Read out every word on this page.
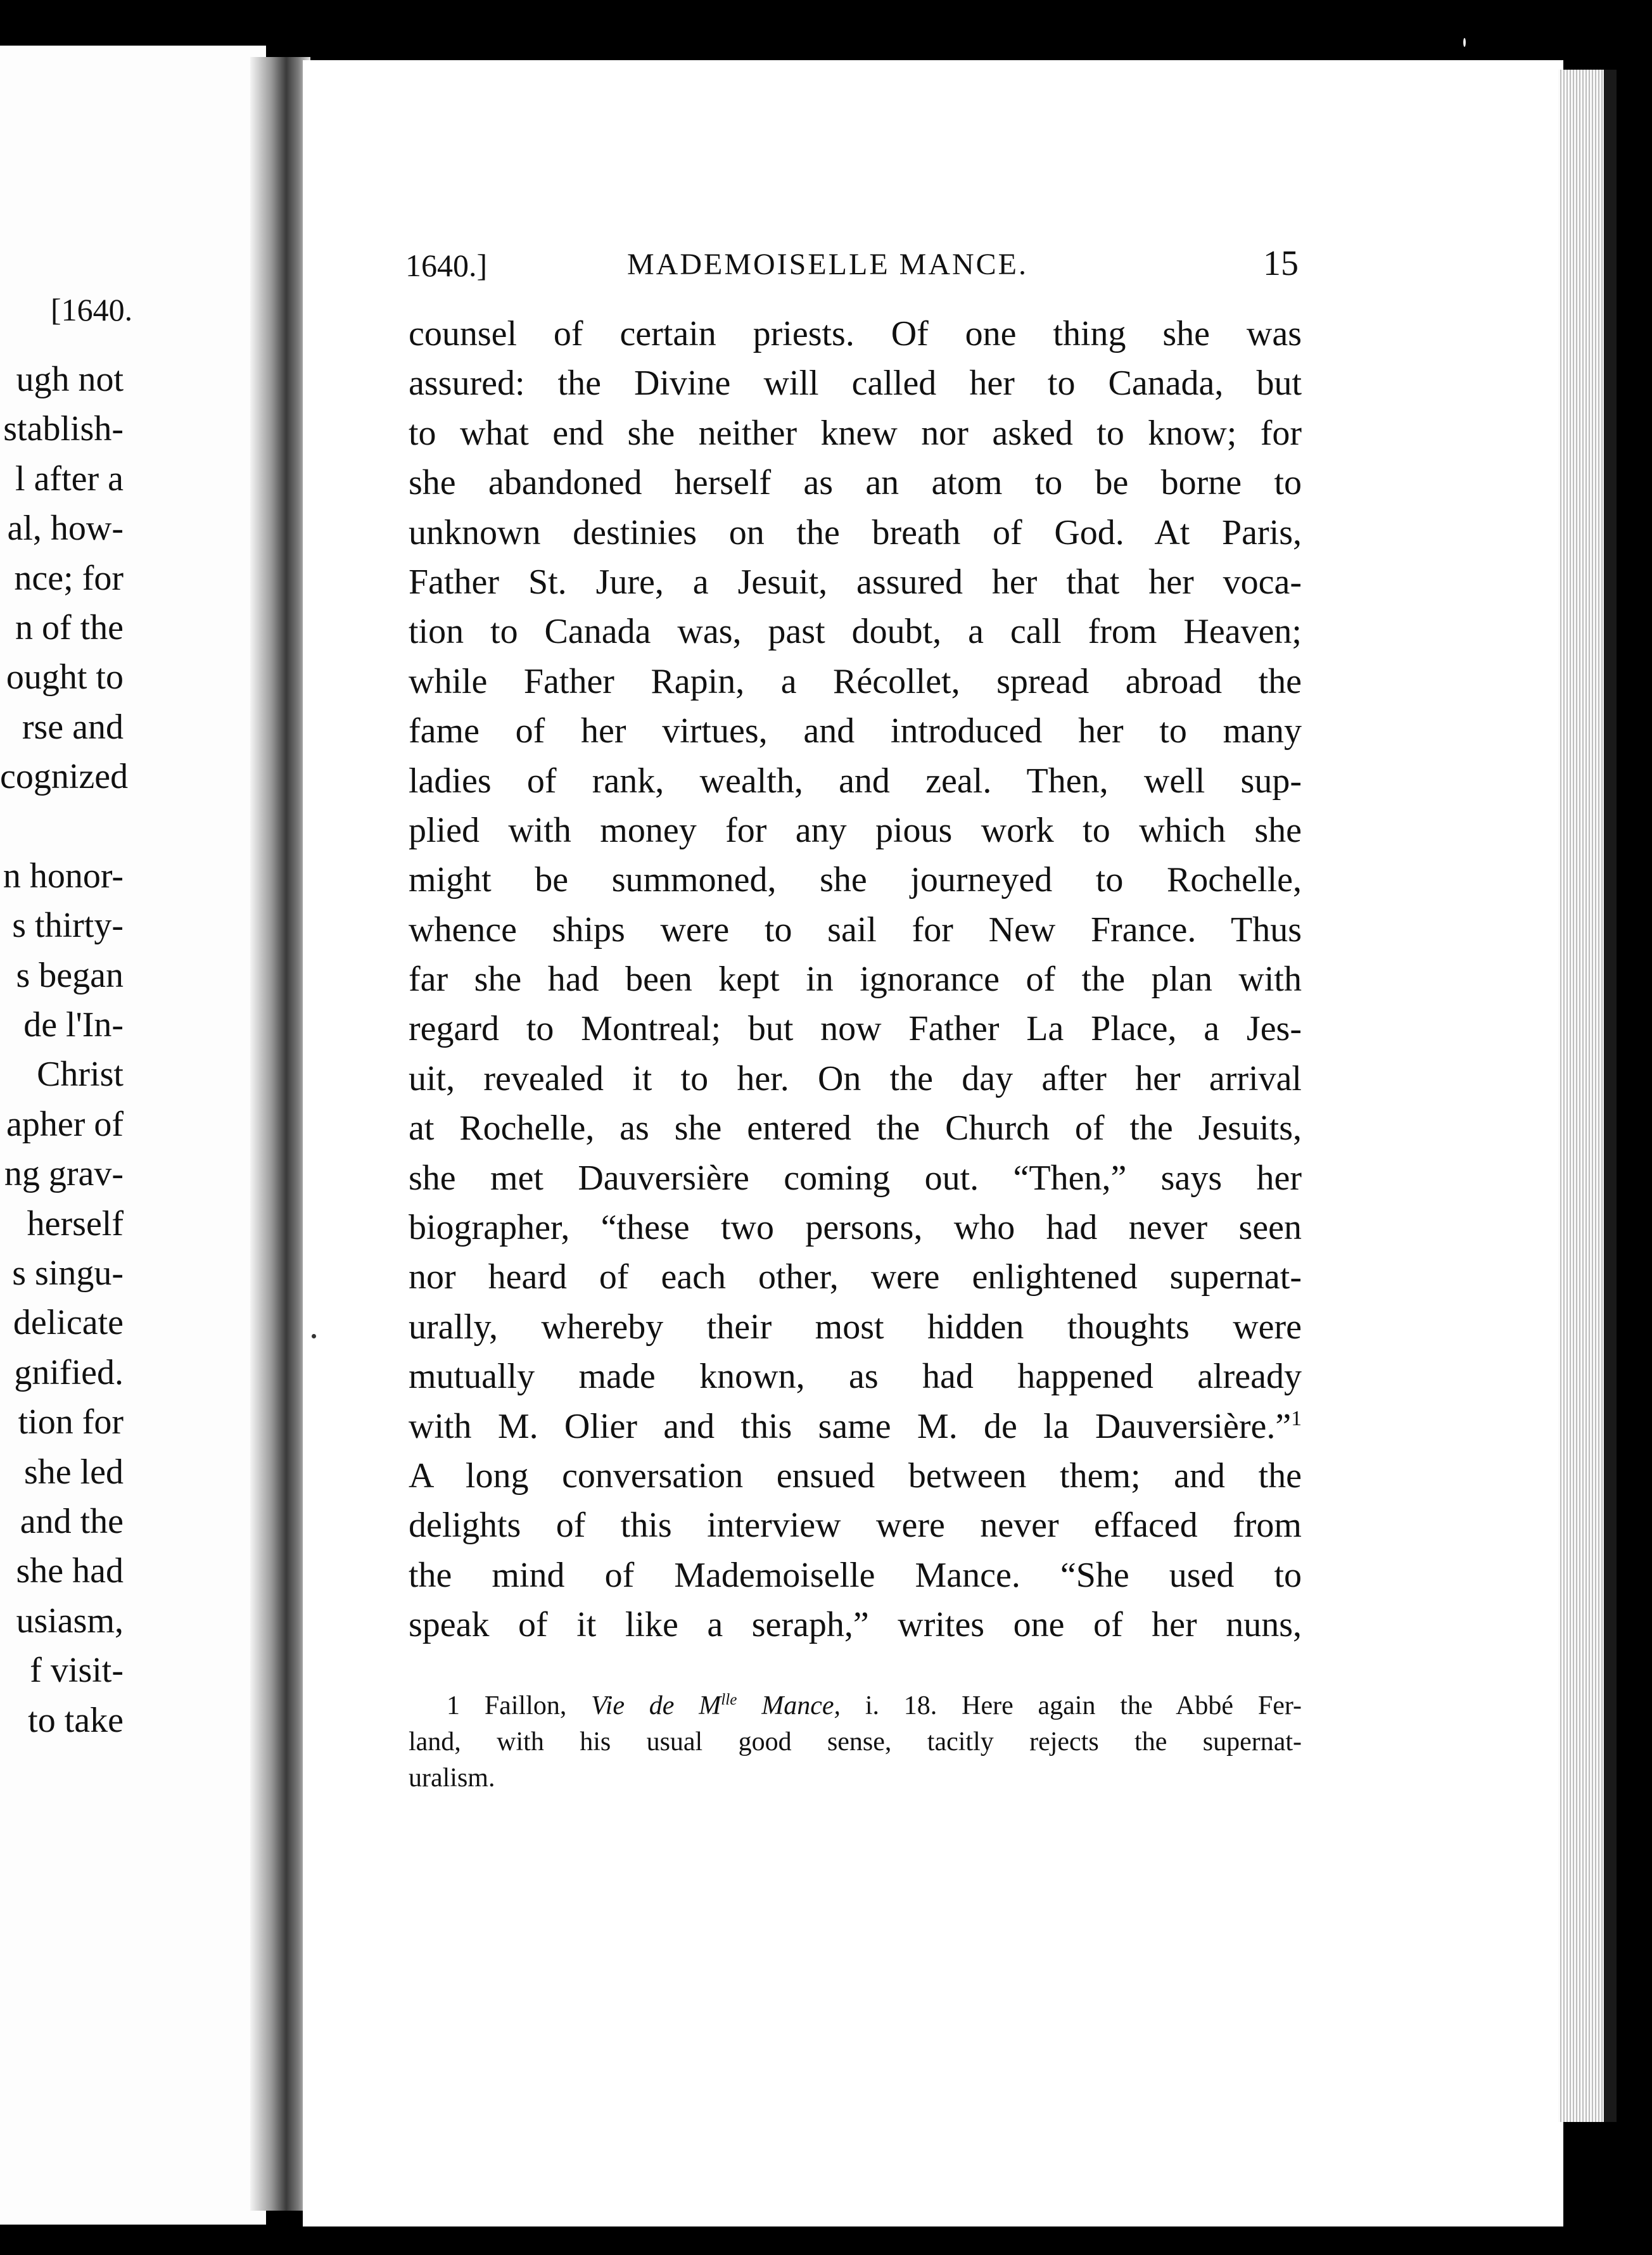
[1640.
ugh not
stablish-
l after a
al, how-
nce; for
n of the
ought to
rse and
cognized
n honor-
s thirty-
s began
de l'In-
Christ
apher of
ng grav-
herself
s singu-
delicate
gnified.
tion for
she led
and the
she had
usiasm,
f visit-
to take
1640.]	MADEMOISELLE MANCE.	15
counsel of certain priests. Of one thing she was
assured: the Divine will called her to Canada, but
to what end she neither knew nor asked to know; for
she abandoned herself as an atom to be borne to
unknown destinies on the breath of God. At Paris,
Father St. Jure, a Jesuit, assured her that her voca-
tion to Canada was, past doubt, a call from Heaven;
while Father Rapin, a Récollet, spread abroad the
fame of her virtues, and introduced her to many
ladies of rank, wealth, and zeal. Then, well sup-
plied with money for any pious work to which she
might be summoned, she journeyed to Rochelle,
whence ships were to sail for New France. Thus
far she had been kept in ignorance of the plan with
regard to Montreal; but now Father La Place, a Jes-
uit, revealed it to her. On the day after her arrival
at Rochelle, as she entered the Church of the Jesuits,
she met Dauversière coming out. “Then,” says her
biographer, “these two persons, who had never seen
nor heard of each other, were enlightened supernat-
urally, whereby their most hidden thoughts were
mutually made known, as had happened already
with M. Olier and this same M. de la Dauversière.”$^1$
A long conversation ensued between them; and the
delights of this interview were never effaced from
the mind of Mademoiselle Mance. “She used to
speak of it like a seraph,” writes one of her nuns,
1 Faillon, Vie de $M^{lle}$ Mance, i. 18. Here again the Abbé Fer-
land, with his usual good sense, tacitly rejects the supernat-
uralism.
